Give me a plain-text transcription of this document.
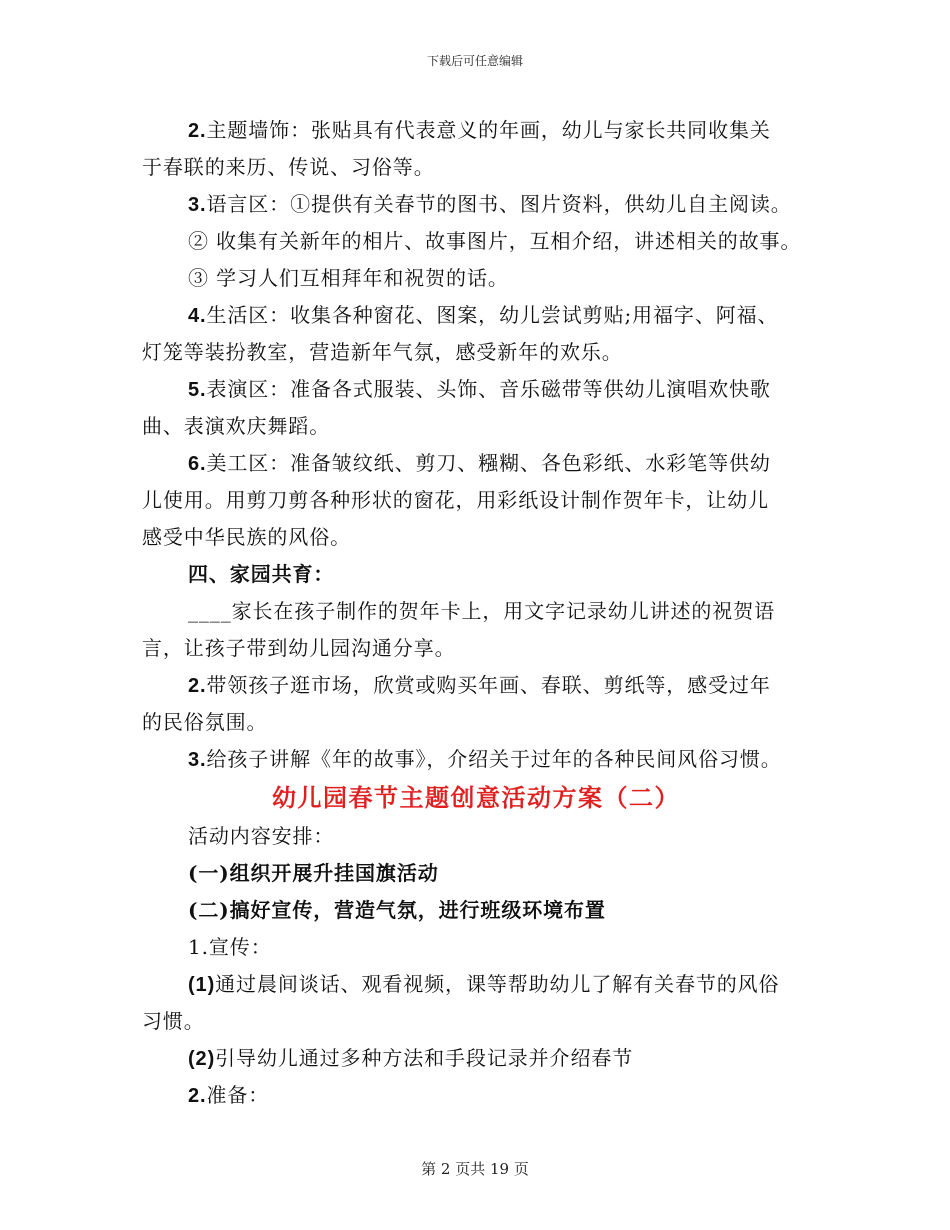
下载后可任意编辑
2.主题墙饰：张贴具有代表意义的年画，幼儿与家长共同收集关
于春联的来历、传说、习俗等。
3.语言区：①提供有关春节的图书、图片资料，供幼儿自主阅读。
② 收集有关新年的相片、故事图片，互相介绍，讲述相关的故事。
③ 学习人们互相拜年和祝贺的话。
4.生活区：收集各种窗花、图案，幼儿尝试剪贴;用福字、阿福、
灯笼等装扮教室，营造新年气氛，感受新年的欢乐。
5.表演区：准备各式服装、头饰、音乐磁带等供幼儿演唱欢快歌
曲、表演欢庆舞蹈。
6.美工区：准备皱纹纸、剪刀、糨糊、各色彩纸、水彩笔等供幼
儿使用。用剪刀剪各种形状的窗花，用彩纸设计制作贺年卡，让幼儿
感受中华民族的风俗。
四、家园共育：
____家长在孩子制作的贺年卡上，用文字记录幼儿讲述的祝贺语
言，让孩子带到幼儿园沟通分享。
2.带领孩子逛市场，欣赏或购买年画、春联、剪纸等，感受过年
的民俗氛围。
3.给孩子讲解《年的故事》，介绍关于过年的各种民间风俗习惯。
幼儿园春节主题创意活动方案（二）
活动内容安排：
(一)组织开展升挂国旗活动
(二)搞好宣传，营造气氛，进行班级环境布置
1.宣传：
(1)通过晨间谈话、观看视频，课等帮助幼儿了解有关春节的风俗
习惯。
(2)引导幼儿通过多种方法和手段记录并介绍春节
2.准备：
第 2 页共 19 页
